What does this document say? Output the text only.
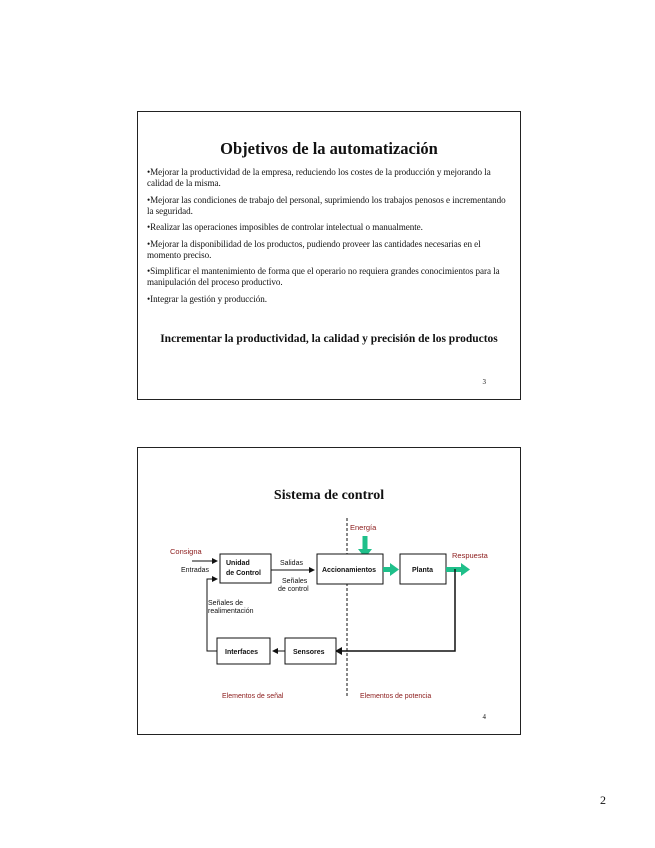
Objetivos de la automatización
•Mejorar la productividad de la empresa, reduciendo los costes de la producción y mejorando la calidad de la misma.
•Mejorar las condiciones de trabajo del personal, suprimiendo los trabajos penosos e incrementando la seguridad.
•Realizar las operaciones imposibles de controlar intelectual o manualmente.
•Mejorar la disponibilidad de los productos, pudiendo proveer las cantidades necesarias en el momento preciso.
•Simplificar el mantenimiento de forma que el operario no requiera grandes conocimientos para la manipulación del proceso productivo.
•Integrar la gestión y producción.
Incrementar la productividad, la calidad y precisión de los productos
3
Sistema de control
Energía
Consigna
Entradas
Unidad
de Control
Salidas
Señales
de control
Accionamientos	Planta
Respuesta
Sensores
Interfaces
Señales de
realimentación
Elementos de señal	Elementos de potencia
4
2
